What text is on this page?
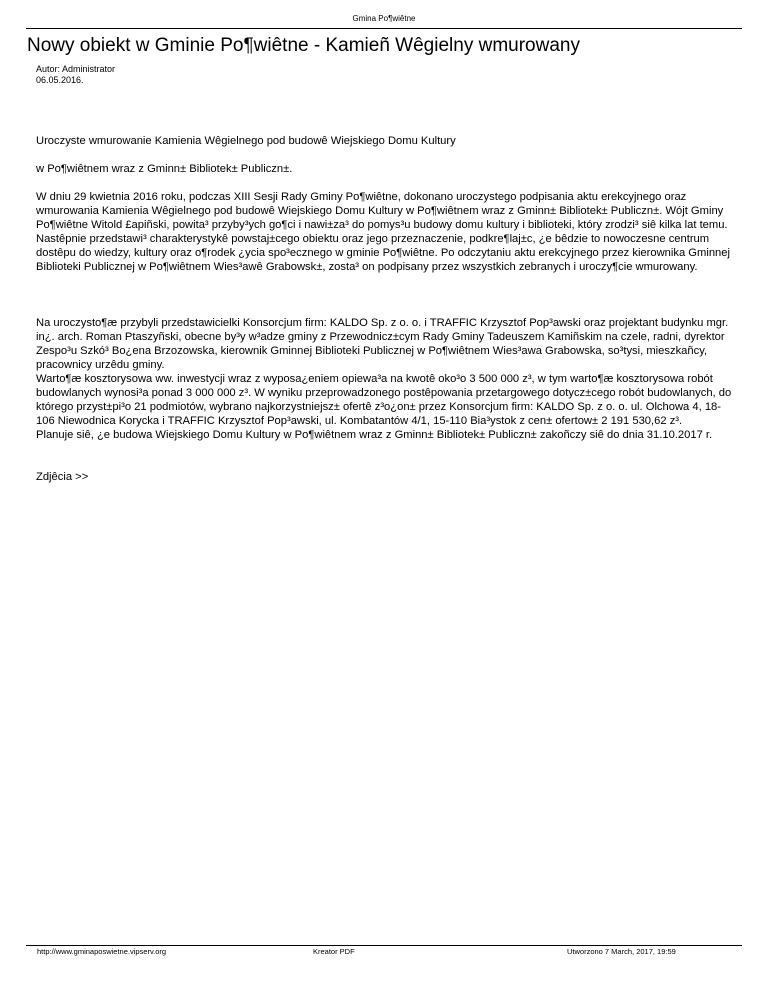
Gmina Po¶wiêtne
Nowy obiekt w Gminie Po¶wiêtne - Kamieñ Wêgielny wmurowany
Autor: Administrator
06.05.2016.

Uroczyste wmurowanie Kamienia Wêgielnego pod budowê Wiejskiego Domu Kultury

w Po¶wiêtnem wraz z Gminn± Bibliotek± Publiczn±.

W dniu 29 kwietnia 2016 roku, podczas XIII Sesji Rady Gminy Po¶wiêtne, dokonano uroczystego podpisania aktu erekcyjnego oraz wmurowania Kamienia Wêgielnego pod budowê Wiejskiego Domu Kultury w Po¶wiêtnem wraz z Gminn± Bibliotek± Publiczn±. Wójt Gminy Po¶wiêtne Witold £apiñski, powita³ przyby³ych go¶ci i nawi±za³ do pomys³u budowy domu kultury i biblioteki, który zrodzi³ siê kilka lat temu. Nastêpnie przedstawi³ charakterystykê powstaj±cego obiektu oraz jego przeznaczenie, podkre¶laj±c, ¿e bêdzie to nowoczesne centrum dostêpu do wiedzy, kultury oraz o¶rodek ¿ycia spo³ecznego w gminie Po¶wiêtne. Po odczytaniu aktu erekcyjnego przez kierownika Gminnej Biblioteki Publicznej w Po¶wiêtnem Wies³awê Grabowsk±, zosta³ on podpisany przez wszystkich zebranych i uroczy¶cie wmurowany.

Na uroczysto¶æ przybyli przedstawicielki Konsorcjum firm: KALDO Sp. z o. o. i TRAFFIC Krzysztof Pop³awski oraz projektant budynku mgr. in¿. arch. Roman Ptaszyñski, obecne by³y w³adze gminy z Przewodnicz±cym Rady Gminy Tadeuszem Kamiñskim na czele, radni, dyrektor Zespo³u Szkó³ Bo¿ena Brzozowska, kierownik Gminnej Biblioteki Publicznej w Po¶wiêtnem Wies³awa Grabowska, so³tysi, mieszkañcy, pracownicy urzêdu gminy.

Warto¶æ kosztorysowa ww. inwestycji wraz z wyposa¿eniem opiewa³a na kwotê oko³o 3 500 000 z³, w tym warto¶æ kosztorysowa robót budowlanych wynosi³a ponad 3 000 000 z³. W wyniku przeprowadzonego postêpowania przetargowego dotycz±cego robót budowlanych, do którego przyst±pi³o 21 podmiotów, wybrano najkorzystniejsz± ofertê z³o¿on± przez Konsorcjum firm: KALDO Sp. z o. o. ul. Olchowa 4, 18-106 Niewodnica Korycka i TRAFFIC Krzysztof Pop³awski, ul. Kombatantów 4/1, 15-110 Bia³ystok z cen± ofertow± 2 191 530,62 z³.

Planuje siê, ¿e budowa Wiejskiego Domu Kultury w Po¶wiêtnem wraz z Gminn± Bibliotek± Publiczn± zakoñczy siê do dnia 31.10.2017 r.

Zdjêcia >>

http://www.gminaposwietne.vipserv.org	Kreator PDF	Utworzono 7 March, 2017, 19:59
